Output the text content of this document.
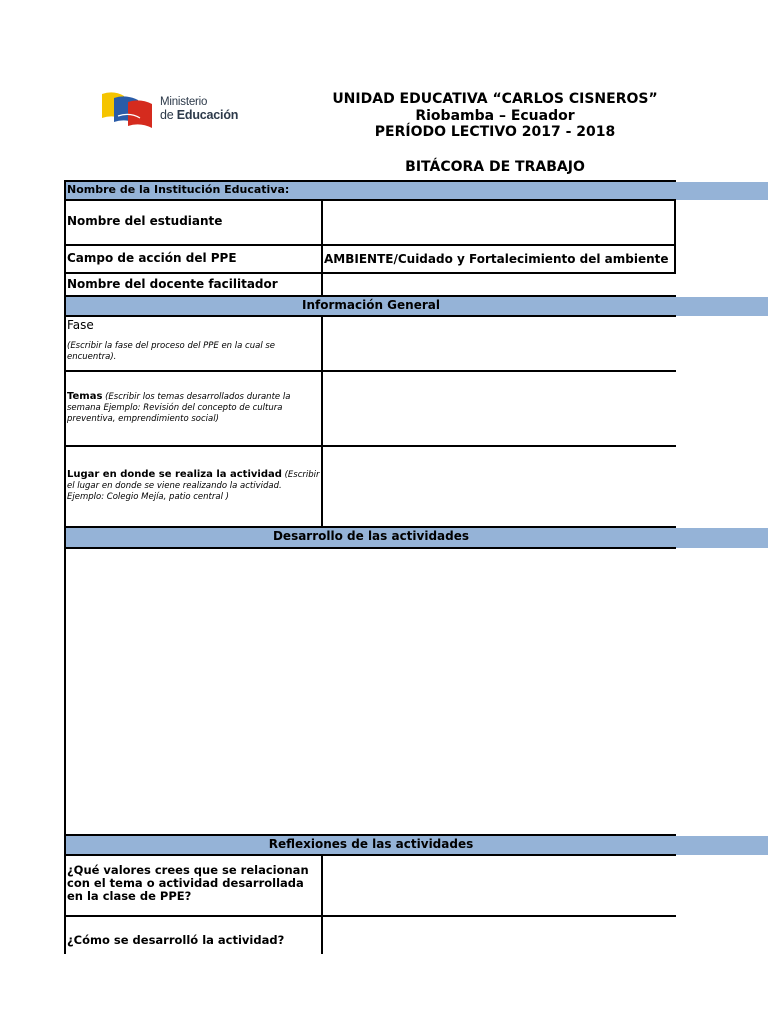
Ministerio
de Educación
UNIDAD EDUCATIVA “CARLOS CISNEROS”
Riobamba – Ecuador
PERÍODO LECTIVO 2017 - 2018
BITÁCORA DE TRABAJO
Nombre de la Institución Educativa:
Nombre del estudiante
Campo de acción del PPE	AMBIENTE/Cuidado y Fortalecimiento del ambiente
Nombre del docente facilitador
Información General
Fase
(Escribir la fase del proceso del PPE en la cual se encuentra).
Temas (Escribir los temas desarrollados durante la semana Ejemplo: Revisión del concepto de cultura preventiva, emprendimiento social)
Lugar en donde se realiza la actividad (Escribir el lugar en donde se viene realizando la actividad. Ejemplo: Colegio Mejía, patio central )
Desarrollo de las actividades
Reflexiones de las actividades
¿Qué valores crees que se relacionan con el tema o actividad desarrollada en la clase de PPE?
¿Cómo se desarrolló la actividad?
